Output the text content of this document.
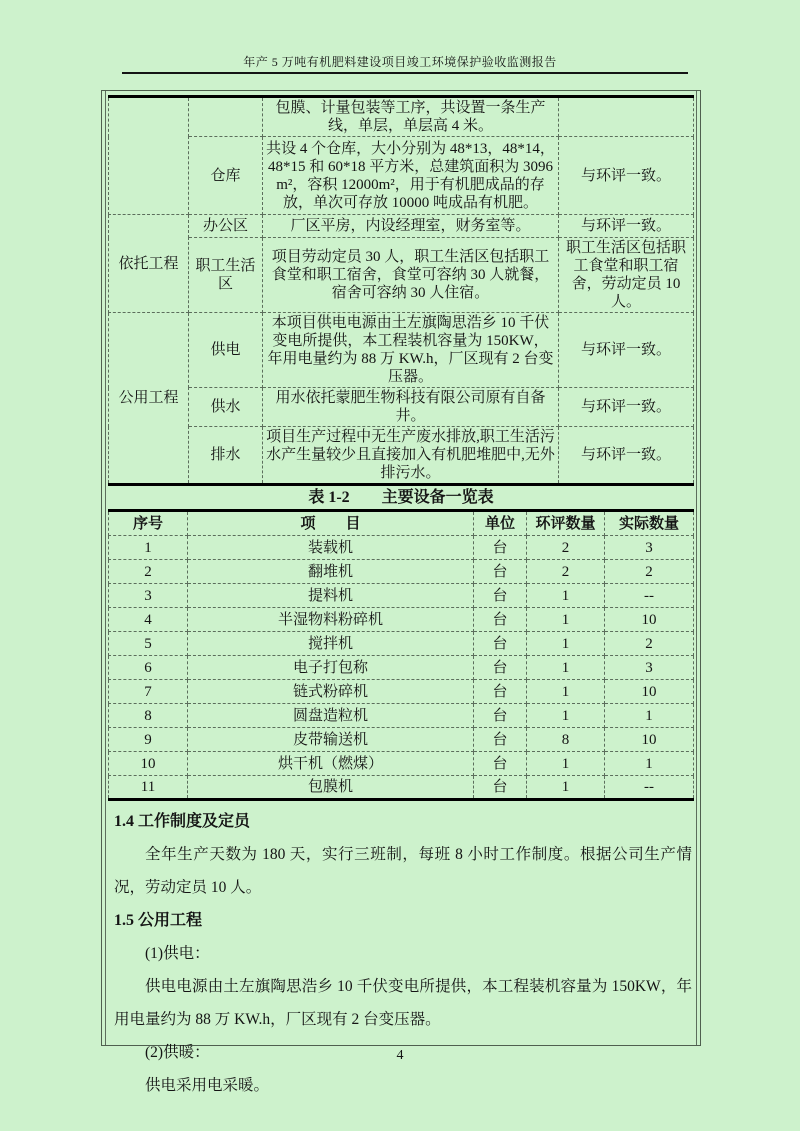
年产 5 万吨有机肥料建设项目竣工环境保护验收监测报告
		包膜、计量包装等工序，共设置一条生产线，单层，单层高 4 米。	
	仓库	共设 4 个仓库，大小分别为 48*13，48*14，48*15 和 60*18 平方米，总建筑面积为 3096m²，容积 12000m²，用于有机肥成品的存放，单次可存放 10000 吨成品有机肥。	与环评一致。
依托工程	办公区	厂区平房，内设经理室，财务室等。	与环评一致。
	职工生活区	项目劳动定员 30 人，职工生活区包括职工食堂和职工宿舍，食堂可容纳 30 人就餐，宿舍可容纳 30 人住宿。	职工生活区包括职工食堂和职工宿舍，劳动定员 10 人。
公用工程	供电	本项目供电电源由土左旗陶思浩乡 10 千伏变电所提供，本工程装机容量为 150KW，年用电量约为 88 万 KW.h，厂区现有 2 台变压器。	与环评一致。
	供水	用水依托蒙肥生物科技有限公司原有自备井。	与环评一致。
	排水	项目生产过程中无生产废水排放,职工生活污水产生量较少且直接加入有机肥堆肥中,无外排污水。	与环评一致。
表 1-2　　主要设备一览表
序号	项　　目	单位	环评数量	实际数量
1	装载机	台	2	3
2	翻堆机	台	2	2
3	提料机	台	1	--
4	半湿物料粉碎机	台	1	10
5	搅拌机	台	1	2
6	电子打包称	台	1	3
7	链式粉碎机	台	1	10
8	圆盘造粒机	台	1	1
9	皮带输送机	台	8	10
10	烘干机（燃煤）	台	1	1
11	包膜机	台	1	--
1.4 工作制度及定员

全年生产天数为 180 天，实行三班制，每班 8 小时工作制度。根据公司生产情况，劳动定员 10 人。

1.5 公用工程

(1)供电：

供电电源由土左旗陶思浩乡 10 千伏变电所提供，本工程装机容量为 150KW，年用电量约为 88 万 KW.h，厂区现有 2 台变压器。

(2)供暖：

供电采用电采暖。

4
